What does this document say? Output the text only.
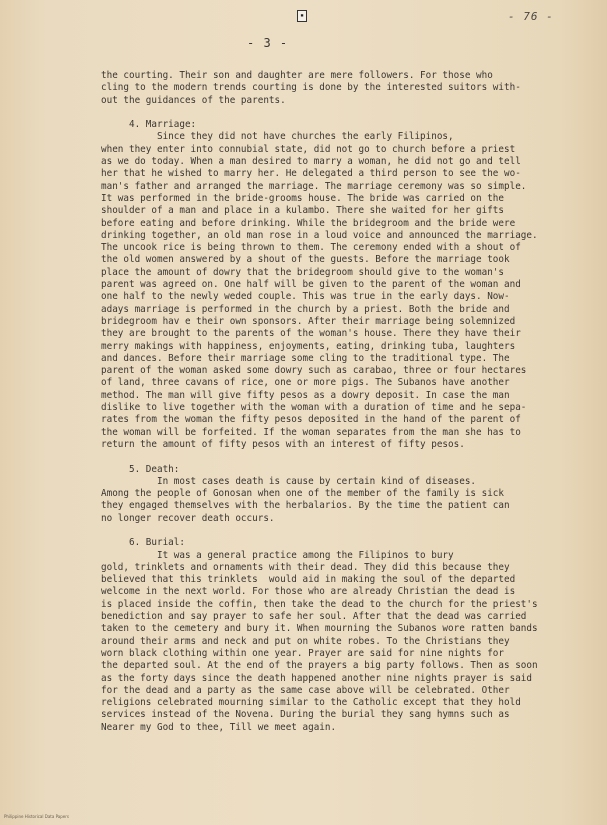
▪	- 76 -
- 3 -
the courting. Their son and daughter are mere followers. For those who
cling to the modern trends courting is done by the interested suitors with-
out the guidances of the parents.
4. Marriage:
Since they did not have churches the early Filipinos,
when they enter into connubial state, did not go to church before a priest
as we do today. When a man desired to marry a woman, he did not go and tell
her that he wished to marry her. He delegated a third person to see the wo-
man's father and arranged the marriage. The marriage ceremony was so simple.
It was performed in the bride-grooms house. The bride was carried on the
shoulder of a man and place in a kulambo. There she waited for her gifts
before eating and before drinking. While the bridegroom and the bride were
drinking together, an old man rose in a loud voice and announced the marriage.
The uncook rice is being thrown to them. The ceremony ended with a shout of
the old women answered by a shout of the guests. Before the marriage took
place the amount of dowry that the bridegroom should give to the woman's
parent was agreed on. One half will be given to the parent of the woman and
one half to the newly weded couple. This was true in the early days. Now-
adays marriage is performed in the church by a priest. Both the bride and
bridegroom hav e their own sponsors. After their marriage being solemnized
they are brought to the parents of the woman's house. There they have their
merry makings with happiness, enjoyments, eating, drinking tuba, laughters
and dances. Before their marriage some cling to the traditional type. The
parent of the woman asked some dowry such as carabao, three or four hectares
of land, three cavans of rice, one or more pigs. The Subanos have another
method. The man will give fifty pesos as a dowry deposit. In case the man
dislike to live together with the woman with a duration of time and he sepa-
rates from the woman the fifty pesos deposited in the hand of the parent of
the woman will be forfeited. If the woman separates from the man she has to
return the amount of fifty pesos with an interest of fifty pesos.
5. Death:
In most cases death is cause by certain kind of diseases.
Among the people of Gonosan when one of the member of the family is sick
they engaged themselves with the herbalarios. By the time the patient can
no longer recover death occurs.
6. Burial:
It was a general practice among the Filipinos to bury
gold, trinklets and ornaments with their dead. They did this because they
believed that this trinklets  would aid in making the soul of the departed
welcome in the next world. For those who are already Christian the dead is
is placed inside the coffin, then take the dead to the church for the priest's
benediction and say prayer to safe her soul. After that the dead was carried
taken to the cemetery and bury it. When mourning the Subanos wore ratten bands
around their arms and neck and put on white robes. To the Christians they
worn black clothing within one year. Prayer are said for nine nights for
the departed soul. At the end of the prayers a big party follows. Then as soon
as the forty days since the death happened another nine nights prayer is said
for the dead and a party as the same case above will be celebrated. Other
religions celebrated mourning similar to the Catholic except that they hold
services instead of the Novena. During the burial they sang hymns such as
Nearer my God to thee, Till we meet again.
Philippine Historical Data Papers
